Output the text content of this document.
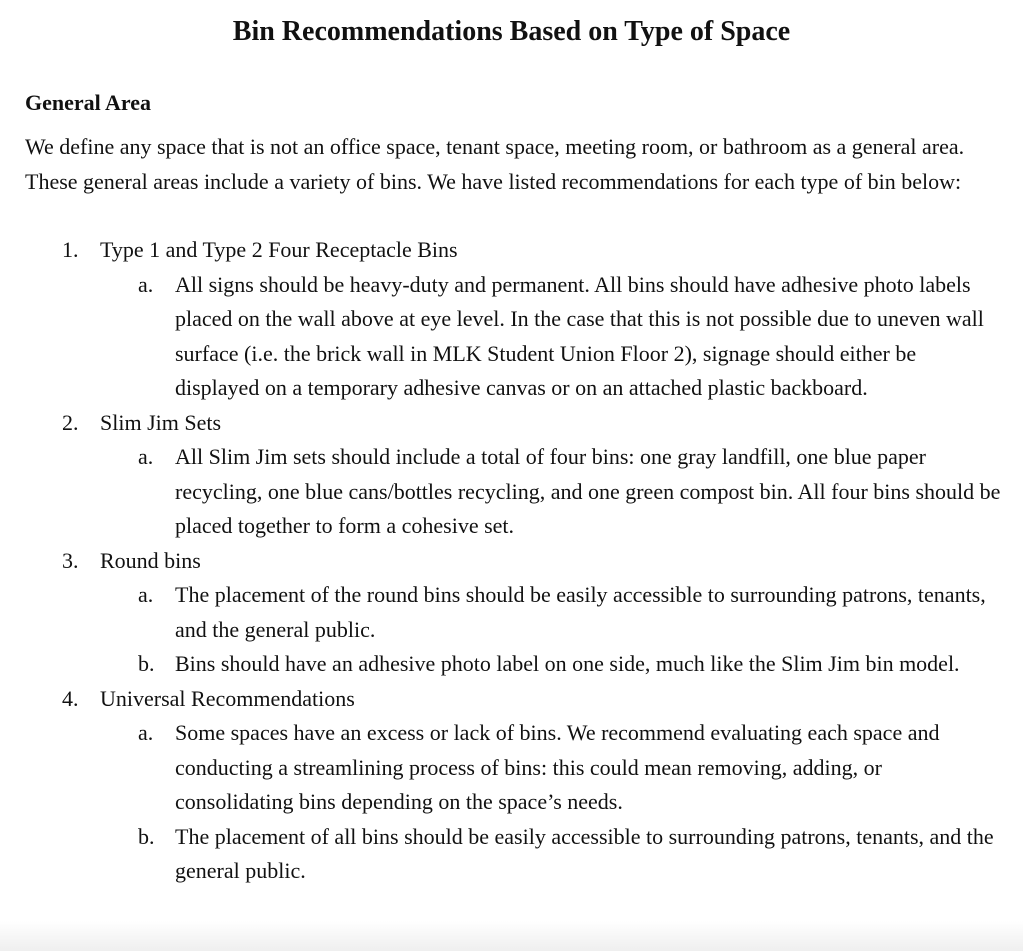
Bin Recommendations Based on Type of Space
General Area

We define any space that is not an office space, tenant space, meeting room, or bathroom as a general area. These general areas include a variety of bins. We have listed recommendations for each type of bin below:

1. Type 1 and Type 2 Four Receptacle Bins
a. All signs should be heavy-duty and permanent. All bins should have adhesive photo labels placed on the wall above at eye level. In the case that this is not possible due to uneven wall surface (i.e. the brick wall in MLK Student Union Floor 2), signage should either be displayed on a temporary adhesive canvas or on an attached plastic backboard.
2. Slim Jim Sets
a. All Slim Jim sets should include a total of four bins: one gray landfill, one blue paper recycling, one blue cans/bottles recycling, and one green compost bin. All four bins should be placed together to form a cohesive set.
3. Round bins
a. The placement of the round bins should be easily accessible to surrounding patrons, tenants, and the general public.
b. Bins should have an adhesive photo label on one side, much like the Slim Jim bin model.
4. Universal Recommendations
a. Some spaces have an excess or lack of bins. We recommend evaluating each space and conducting a streamlining process of bins: this could mean removing, adding, or consolidating bins depending on the space’s needs.
b. The placement of all bins should be easily accessible to surrounding patrons, tenants, and the general public.
